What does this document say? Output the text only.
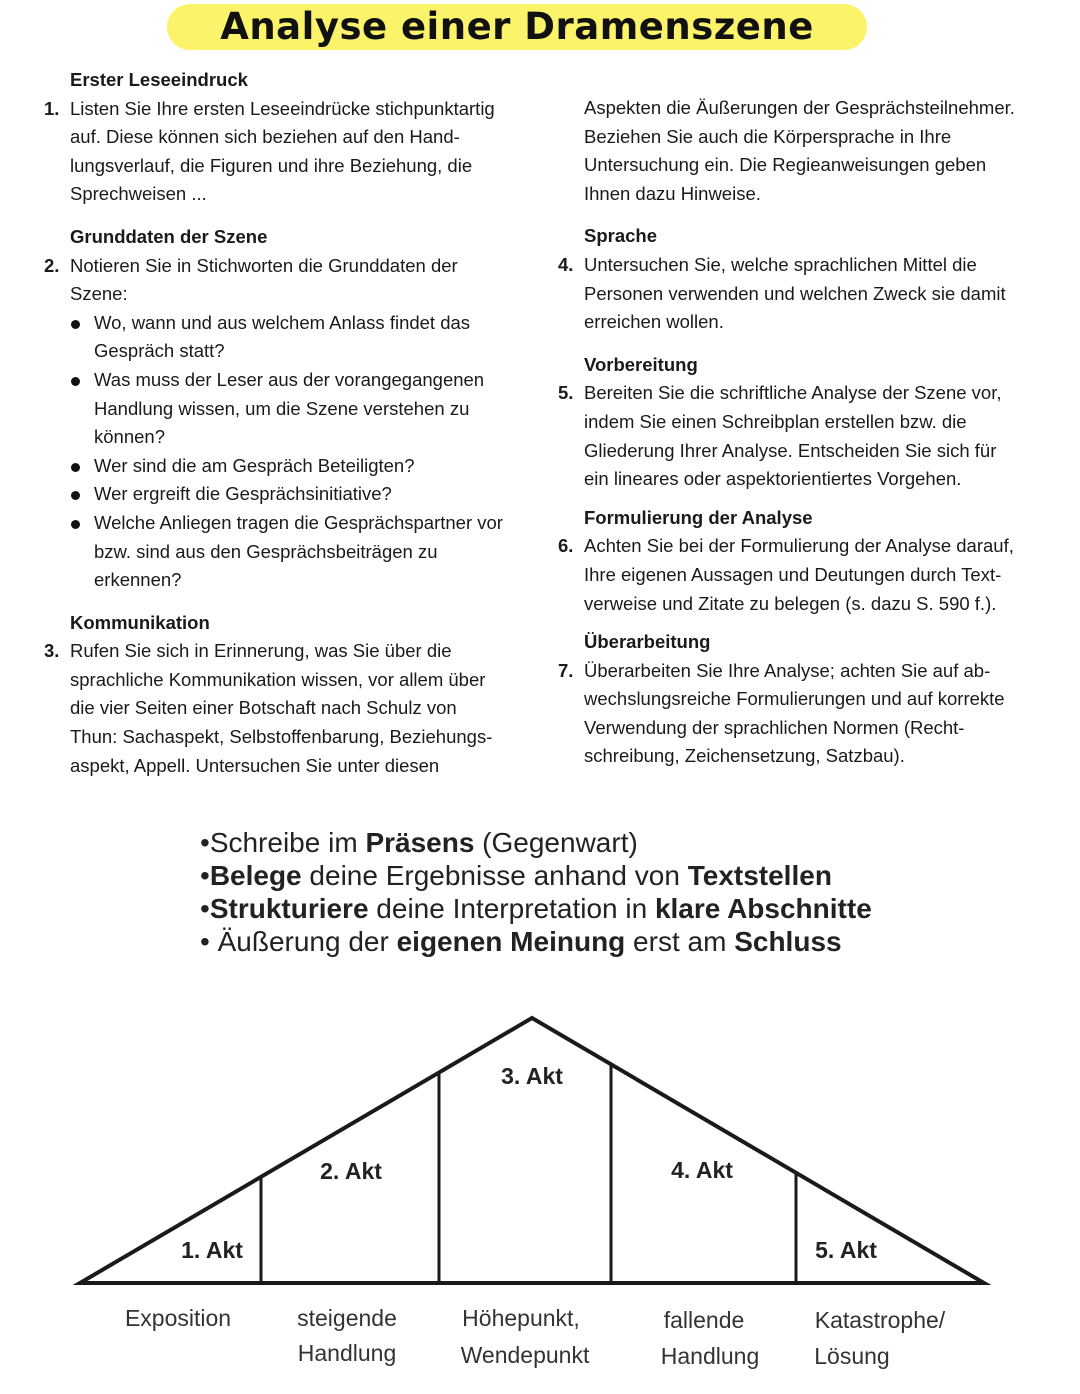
Analyse einer Dramenszene
Erster Leseeindruck
1. Listen Sie Ihre ersten Leseeindrücke stichpunktartig
auf. Diese können sich beziehen auf den Hand-
lungsverlauf, die Figuren und ihre Beziehung, die
Sprechweisen ...
Grunddaten der Szene
2. Notieren Sie in Stichworten die Grunddaten der
Szene:
Wo, wann und aus welchem Anlass findet das
Gespräch statt?
Was muss der Leser aus der vorangegangenen
Handlung wissen, um die Szene verstehen zu
können?
Wer sind die am Gespräch Beteiligten?
Wer ergreift die Gesprächsinitiative?
Welche Anliegen tragen die Gesprächspartner vor
bzw. sind aus den Gesprächsbeiträgen zu
erkennen?
Kommunikation
3. Rufen Sie sich in Erinnerung, was Sie über die
sprachliche Kommunikation wissen, vor allem über
die vier Seiten einer Botschaft nach Schulz von
Thun: Sachaspekt, Selbstoffenbarung, Beziehungs-
aspekt, Appell. Untersuchen Sie unter diesen
Aspekten die Äußerungen der Gesprächsteilnehmer.
Beziehen Sie auch die Körpersprache in Ihre
Untersuchung ein. Die Regieanweisungen geben
Ihnen dazu Hinweise.
Sprache
4. Untersuchen Sie, welche sprachlichen Mittel die
Personen verwenden und welchen Zweck sie damit
erreichen wollen.
Vorbereitung
5. Bereiten Sie die schriftliche Analyse der Szene vor,
indem Sie einen Schreibplan erstellen bzw. die
Gliederung Ihrer Analyse. Entscheiden Sie sich für
ein lineares oder aspektorientiertes Vorgehen.
Formulierung der Analyse
6. Achten Sie bei der Formulierung der Analyse darauf,
Ihre eigenen Aussagen und Deutungen durch Text-
verweise und Zitate zu belegen (s. dazu S. 590 f.).
Überarbeitung
7. Überarbeiten Sie Ihre Analyse; achten Sie auf ab-
wechslungsreiche Formulierungen und auf korrekte
Verwendung der sprachlichen Normen (Recht-
schreibung, Zeichensetzung, Satzbau).
•Schreibe im Präsens (Gegenwart)
•Belege deine Ergebnisse anhand von Textstellen
•Strukturiere deine Interpretation in klare Abschnitte
• Äußerung der eigenen Meinung erst am Schluss
1. Akt
2. Akt
3. Akt
4. Akt
5. Akt
Exposition	steigende
Handlung
Höhepunkt,
Wendepunkt
fallende
Handlung
Katastrophe/
Lösung
